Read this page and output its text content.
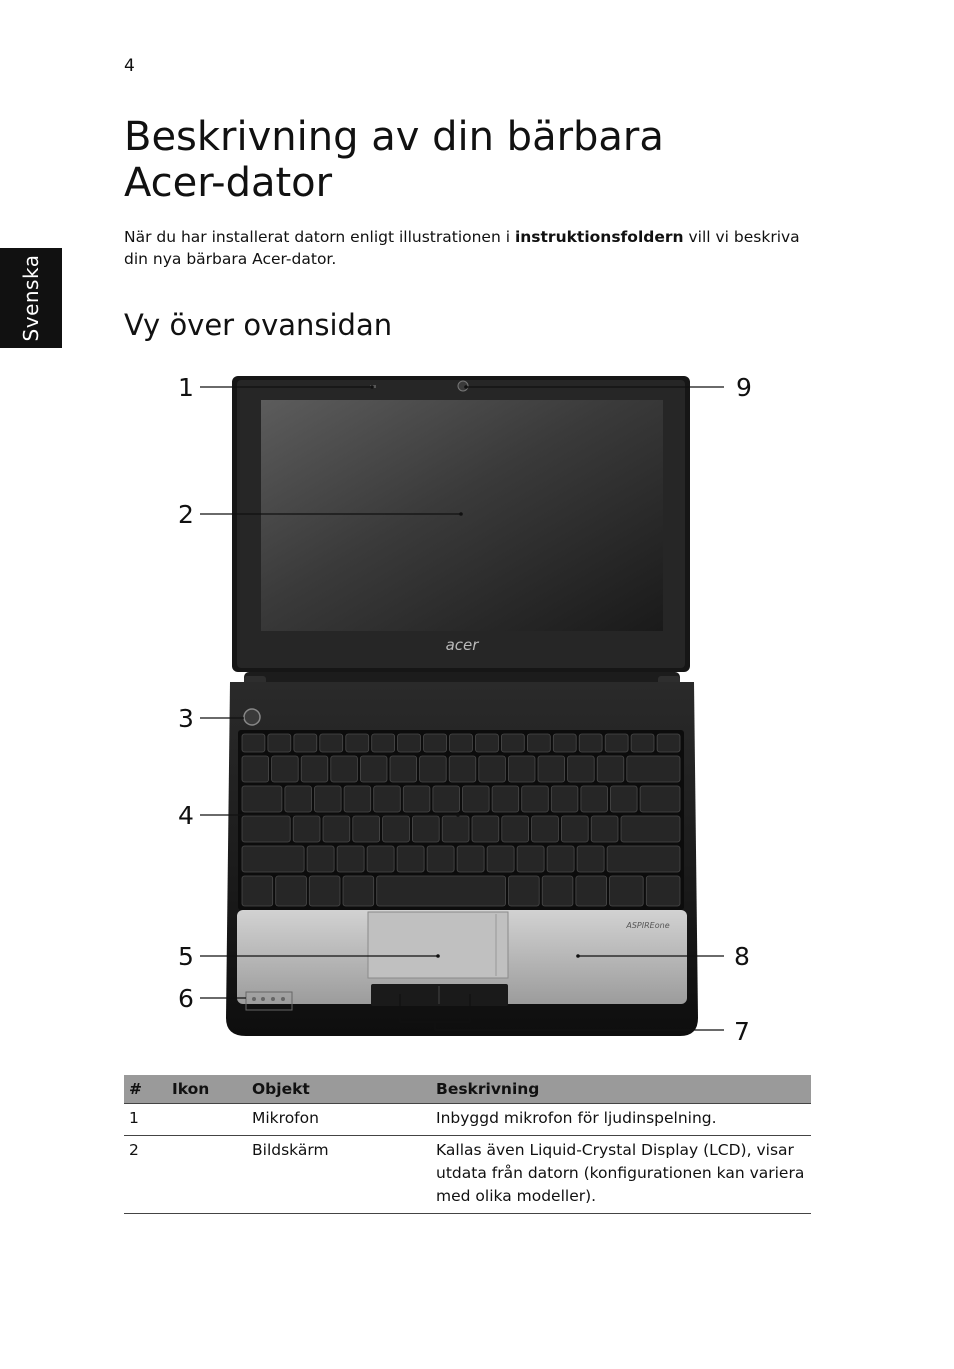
4
Svenska
Beskrivning av din bärbara
Acer-dator

När du har installerat datorn enligt illustrationen i instruktionsfoldern vill vi beskriva din nya bärbara Acer-dator.

Vy över ovansidan
acer
ASPIREone
1
2
3
4
5
6
7
8
9
#	Ikon	Objekt	Beskrivning
1		Mikrofon	Inbyggd mikrofon för ljudinspelning.
2		Bildskärm	Kallas även Liquid-Crystal Display (LCD), visar utdata från datorn (konfigurationen kan variera med olika modeller).
